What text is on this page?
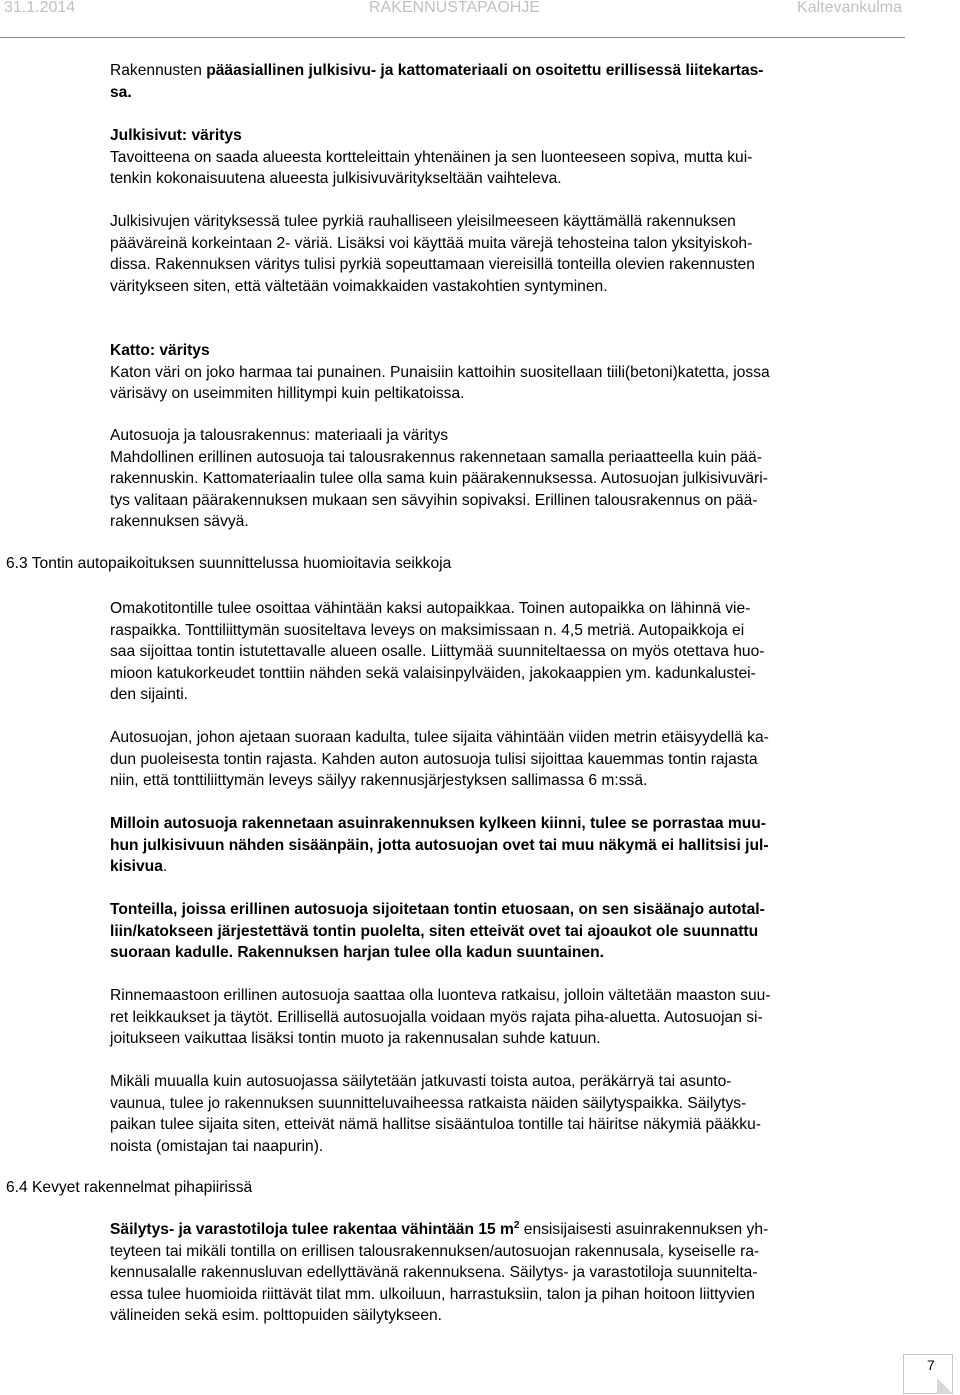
31.1.2014	RAKENNUSTAPAOHJE	Kaltevankulma

Rakennusten pääasiallinen julkisivu- ja kattomateriaali on osoitettu erillisessä liitekartas-

sa.

Julkisivut: väritys

Tavoitteena on saada alueesta kortteleittain yhtenäinen ja sen luonteeseen sopiva, mutta kui-

tenkin kokonaisuutena alueesta julkisivuväritykseltään vaihteleva.

Julkisivujen värityksessä tulee pyrkiä rauhalliseen yleisilmeeseen käyttämällä rakennuksen

pääväreinä korkeintaan 2- väriä. Lisäksi voi käyttää muita värejä tehosteina talon yksityiskoh-

dissa. Rakennuksen väritys tulisi pyrkiä sopeuttamaan viereisillä tonteilla olevien rakennusten

väritykseen siten, että vältetään voimakkaiden vastakohtien syntyminen.

Katto: väritys

Katon väri on joko harmaa tai punainen. Punaisiin kattoihin suositellaan tiili(betoni)katetta, jossa

värisävy on useimmiten hillitympi kuin peltikatoissa.

Autosuoja ja talousrakennus: materiaali ja väritys

Mahdollinen erillinen autosuoja tai talousrakennus rakennetaan samalla periaatteella kuin pää-

rakennuskin. Kattomateriaalin tulee olla sama kuin päärakennuksessa. Autosuojan julkisivuväri-

tys valitaan päärakennuksen mukaan sen sävyihin sopivaksi. Erillinen talousrakennus on pää-

rakennuksen sävyä.

6.3 Tontin autopaikoituksen suunnittelussa huomioitavia seikkoja

Omakotitontille tulee osoittaa vähintään kaksi autopaikkaa. Toinen autopaikka on lähinnä vie-

raspaikka. Tonttiliittymän suositeltava leveys on maksimissaan n. 4,5 metriä. Autopaikkoja ei

saa sijoittaa tontin istutettavalle alueen osalle. Liittymää suunniteltaessa on myös otettava huo-

mioon katukorkeudet tonttiin nähden sekä valaisinpylväiden, jakokaappien ym. kadunkalustei-

den sijainti.

Autosuojan, johon ajetaan suoraan kadulta, tulee sijaita vähintään viiden metrin etäisyydellä ka-

dun puoleisesta tontin rajasta. Kahden auton autosuoja tulisi sijoittaa kauemmas tontin rajasta

niin, että tonttiliittymän leveys säilyy rakennusjärjestyksen sallimassa 6 m:ssä.

Milloin autosuoja rakennetaan asuinrakennuksen kylkeen kiinni, tulee se porrastaa muu-

hun julkisivuun nähden sisäänpäin, jotta autosuojan ovet tai muu näkymä ei hallitsisi jul-

kisivua.

Tonteilla, joissa erillinen autosuoja sijoitetaan tontin etuosaan, on sen sisäänajo autotal-

liin/katokseen järjestettävä tontin puolelta, siten etteivät ovet tai ajoaukot ole suunnattu

suoraan kadulle. Rakennuksen harjan tulee olla kadun suuntainen.

Rinnemaastoon erillinen autosuoja saattaa olla luonteva ratkaisu, jolloin vältetään maaston suu-

ret leikkaukset ja täytöt. Erillisellä autosuojalla voidaan myös rajata piha-aluetta. Autosuojan si-

joitukseen vaikuttaa lisäksi tontin muoto ja rakennusalan suhde katuun.

Mikäli muualla kuin autosuojassa säilytetään jatkuvasti toista autoa, peräkärryä tai asunto-

vaunua, tulee jo rakennuksen suunnitteluvaiheessa ratkaista näiden säilytyspaikka. Säilytys-

paikan tulee sijaita siten, etteivät nämä hallitse sisääntuloa tontille tai häiritse näkymiä pääkku-

noista (omistajan tai naapurin).

6.4 Kevyet rakennelmat pihapiirissä

Säilytys- ja varastotiloja tulee rakentaa vähintään 15 $m^2$ ensisijaisesti asuinrakennuksen yh-

teyteen tai mikäli tontilla on erillisen talousrakennuksen/autosuojan rakennusala, kyseiselle ra-

kennusalalle rakennusluvan edellyttävänä rakennuksena. Säilytys- ja varastotiloja suunnitelta-

essa tulee huomioida riittävät tilat mm. ulkoiluun, harrastuksiin, talon ja pihan hoitoon liittyvien

välineiden sekä esim. polttopuiden säilytykseen.

7
